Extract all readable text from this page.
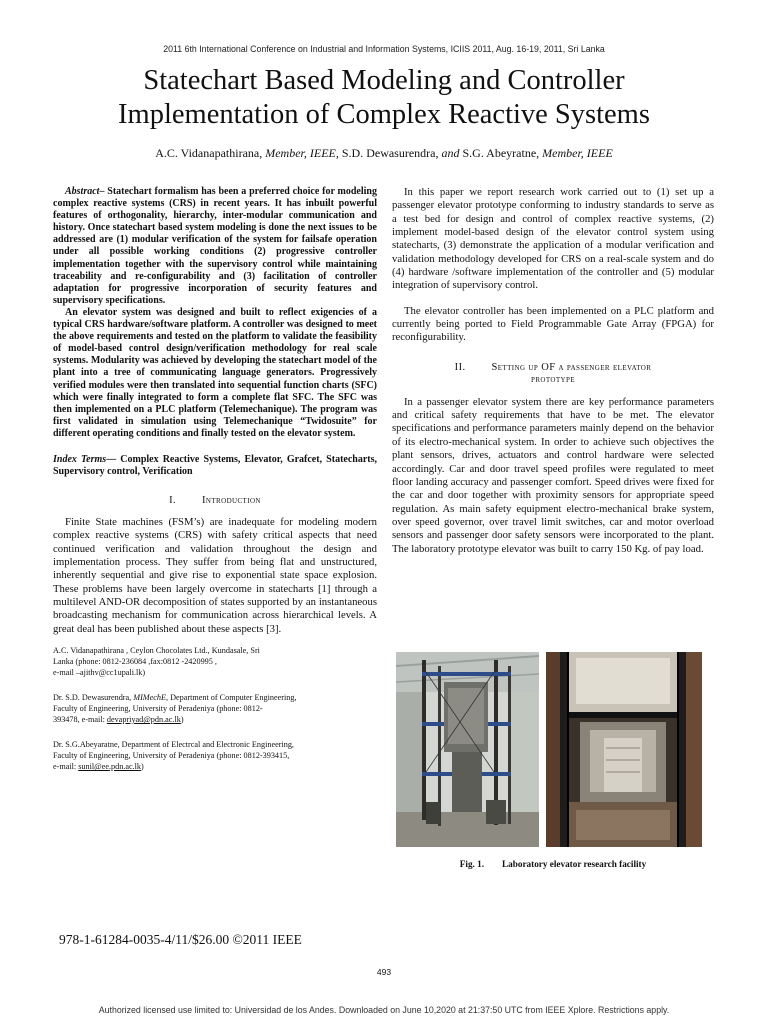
2011 6th International Conference on Industrial and Information Systems, ICIIS 2011, Aug. 16-19, 2011, Sri Lanka
Statechart Based Modeling and Controller
Implementation of Complex Reactive Systems
A.C. Vidanapathirana, Member, IEEE, S.D. Dewasurendra, and S.G. Abeyratne, Member, IEEE

Abstract– Statechart formalism has been a preferred choice for modeling complex reactive systems (CRS) in recent years. It has inbuilt powerful features of orthogonality, hierarchy, inter-modular communication and history. Once statechart based system modeling is done the next issues to be addressed are (1) modular verification of the system for failsafe operation under all possible working conditions (2) progressive controller implementation together with the supervisory control while maintaining traceability and re-configurability and (3) facilitation of controller adaptation for progressive incorporation of security features and supervisory specifications.

An elevator system was designed and built to reflect exigencies of a typical CRS hardware/software platform. A controller was designed to meet the above requirements and tested on the platform to validate the feasibility of model-based control design/verification methodology for real scale systems. Modularity was achieved by developing the statechart model of the plant into a tree of communicating language generators. Progressively verified modules were then translated into sequential function charts (SFC) which were finally integrated to form a complete flat SFC. The SFC was then implemented on a PLC platform (Telemechanique). The program was first validated in simulation using Telemechanique “Twidosuite” for different operating conditions and finally tested on the elevator system.

Index Terms— Complex Reactive Systems, Elevator, Grafcet, Statecharts, Supervisory control, Verification
I. Introduction

Finite State machines (FSM’s) are inadequate for modeling modern complex reactive systems (CRS) with safety critical aspects that need continued verification and validation throughout the design and implementation process. They suffer from being flat and unstructured, inherently sequential and give rise to exponential state space explosion. These problems have been largely overcome in statecharts [1] through a multilevel AND-OR decomposition of states supported by an instantaneous broadcasting mechanism for communication across hierarchical levels. A great deal has been published about these aspects [3].

A.C. Vidanapathirana , Ceylon Chocolates Ltd., Kundasale, Sri
Lanka (phone: 0812-236084 ,fax:0812 -2420995 ,
e-mail –ajithv@cc1upali.lk)
Dr. S.D. Dewasurendra, MIMechE, Department of Computer Engineering,
Faculty of Engineering, University of Peradeniya (phone: 0812-
393478, e-mail: devapriyad@pdn.ac.lk)
Dr. S.G.Abeyaratne, Department of Electrcal and Electronic Engineering,
Faculty of Engineering, University of Peradeniya (phone: 0812-393415,
e-mail: sunil@ee.pdn.ac.lk)

In this paper we report research work carried out to (1) set up a passenger elevator prototype conforming to industry standards to serve as a test bed for design and control of complex reactive systems, (2) implement model-based design of the elevator control system using statecharts, (3) demonstrate the application of a modular verification and validation methodology developed for CRS on a real-scale system and do (4) hardware /software implementation of the controller and (5) modular integration of supervisory control.

The elevator controller has been implemented on a PLC platform and currently being ported to Field Programmable Gate Array (FPGA) for reconfigurability.

II. Setting up OF a passenger elevator
prototype

In a passenger elevator system there are key performance parameters and critical safety requirements that have to be met. The elevator specifications and performance parameters mainly depend on the behavior of its electro-mechanical system. In order to achieve such objectives the plant sensors, drives, actuators and control hardware were selected accordingly. Car and door travel speed profiles were regulated to meet floor landing accuracy and passenger comfort. Speed drives were fixed for the car and door together with proximity sensors for appropriate speed regulation. As main safety equipment electro-mechanical brake system, over speed governor, over travel limit switches, car and motor overload sensors and passenger door safety sensors were incorporated to the plant. The laboratory prototype elevator was built to carry 150 Kg. of pay load.

Fig. 1. Laboratory elevator research facility
978-1-61284-0035-4/11/$26.00 ©2011 IEEE
493
Authorized licensed use limited to: Universidad de los Andes. Downloaded on June 10,2020 at 21:37:50 UTC from IEEE Xplore. Restrictions apply.
